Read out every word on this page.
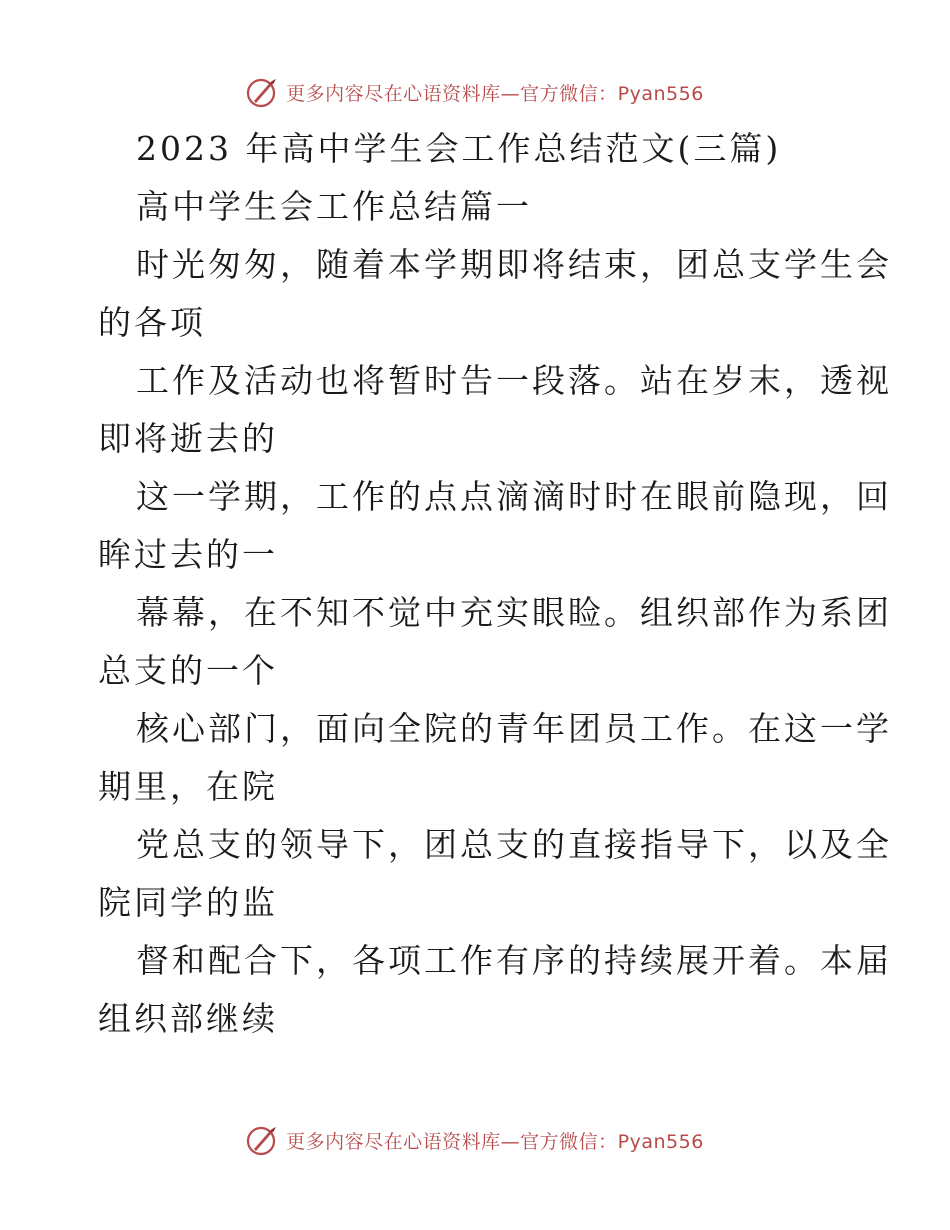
更多内容尽在心语资料库—官方微信：Pyan556
2023 年高中学生会工作总结范文(三篇)
高中学生会工作总结篇一
时光匆匆，随着本学期即将结束，团总支学生会
的各项
工作及活动也将暂时告一段落。站在岁末，透视
即将逝去的
这一学期，工作的点点滴滴时时在眼前隐现，回
眸过去的一
幕幕，在不知不觉中充实眼睑。组织部作为系团
总支的一个
核心部门，面向全院的青年团员工作。在这一学
期里，在院
党总支的领导下，团总支的直接指导下，以及全
院同学的监
督和配合下，各项工作有序的持续展开着。本届
组织部继续
更多内容尽在心语资料库—官方微信：Pyan556
